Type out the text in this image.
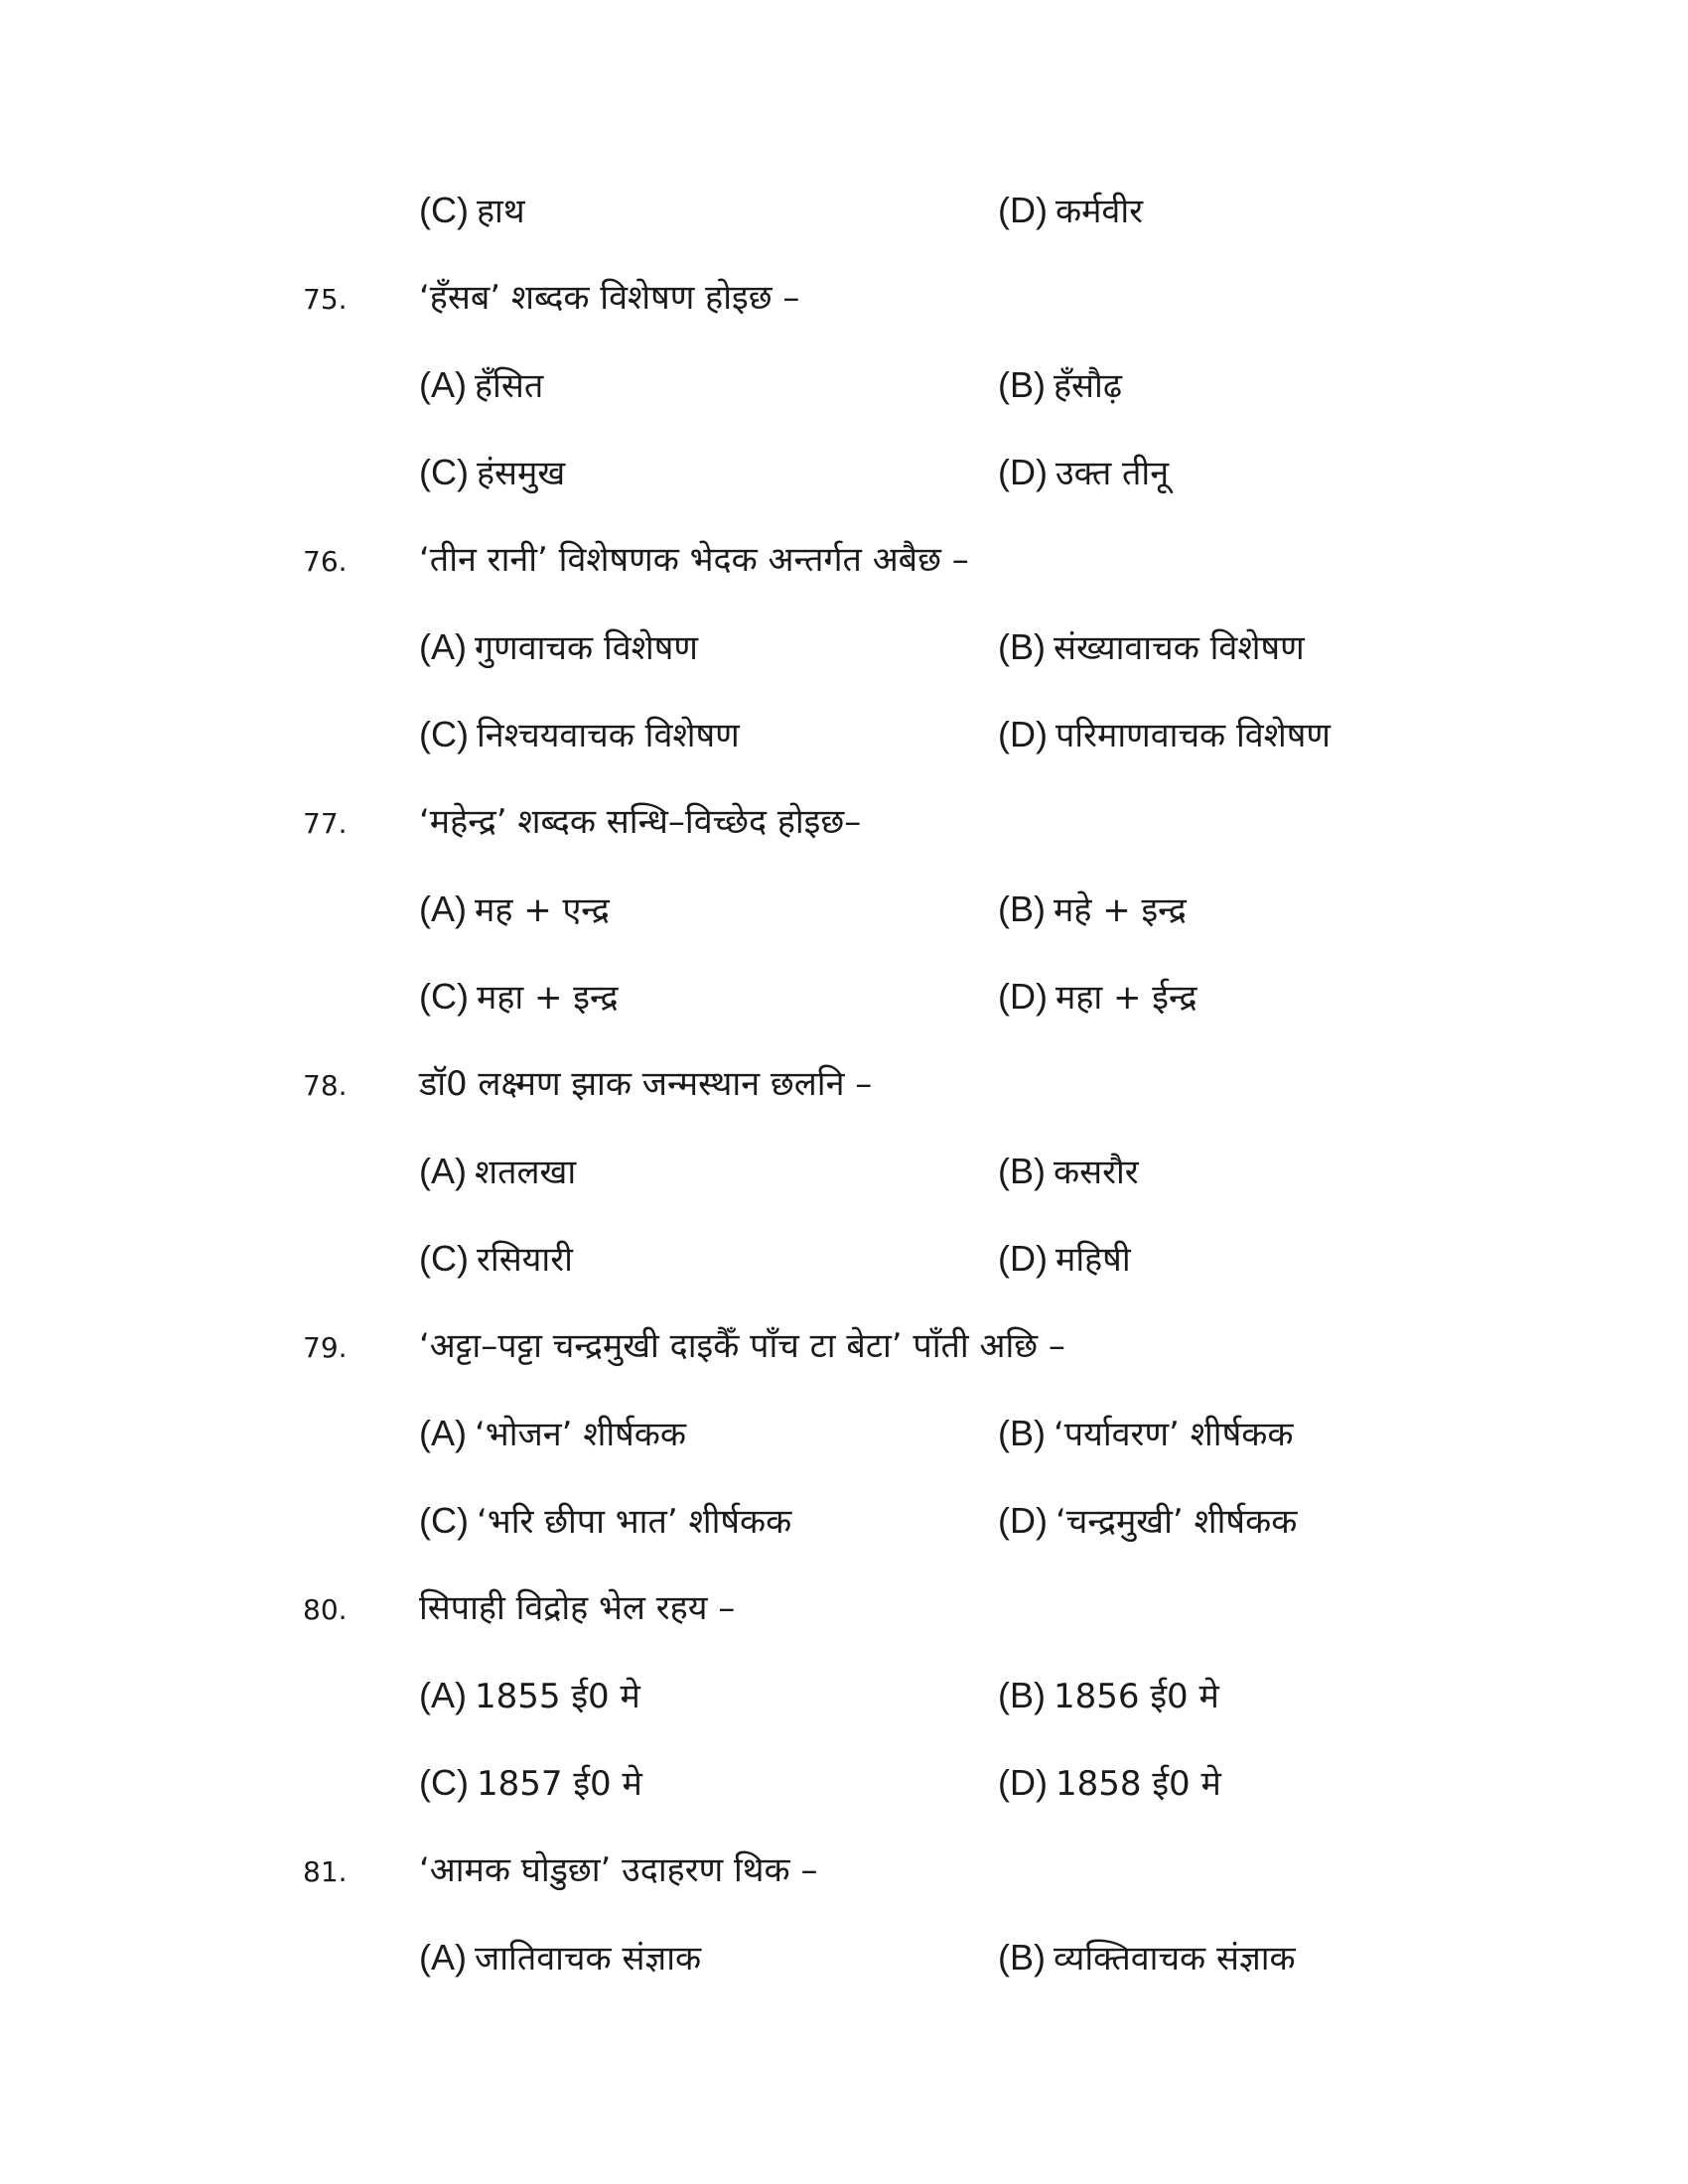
(C) हाथ	(D) कर्मवीर
75. ‘हँसब’ शब्दक विशेषण होइछ –
(A) हँसित	(B) हँसौढ़
(C) हंसमुख	(D) उक्त तीनू
76. ‘तीन रानी’ विशेषणक भेदक अन्तर्गत अबैछ –
(A) गुणवाचक विशेषण	(B) संख्यावाचक विशेषण
(C) निश्चयवाचक विशेषण	(D) परिमाणवाचक विशेषण
77. ‘महेन्द्र’ शब्दक सन्धि–विच्छेद होइछ–
(A) मह + एन्द्र	(B) महे + इन्द्र
(C) महा + इन्द्र	(D) महा + ईन्द्र
78. डॉ0 लक्ष्मण झाक जन्मस्थान छलनि –
(A) शतलखा	(B) कसरौर
(C) रसियारी	(D) महिषी
79. ‘अट्टा–पट्टा चन्द्रमुखी दाइकैँ पाँच टा बेटा’ पाँती अछि –
(A) ‘भोजन’ शीर्षकक	(B) ‘पर्यावरण’ शीर्षकक
(C) ‘भरि छीपा भात’ शीर्षकक	(D) ‘चन्द्रमुखी’ शीर्षकक
80. सिपाही विद्रोह भेल रहय –
(A) 1855 ई0 मे	(B) 1856 ई0 मे
(C) 1857 ई0 मे	(D) 1858 ई0 मे
81. ‘आमक घोडुछा’ उदाहरण थिक –
(A) जातिवाचक संज्ञाक	(B) व्यक्तिवाचक संज्ञाक
